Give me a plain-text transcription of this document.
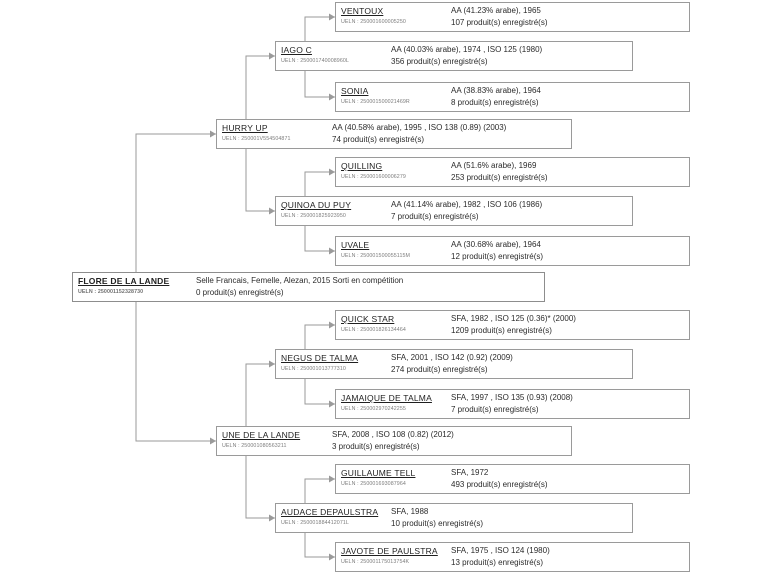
VENTOUX
UELN : 250001600005250
AA (41.23% arabe), 1965
107 produit(s) enregistré(s)
IAGO C
UELN : 250001740008960L
AA (40.03% arabe), 1974 , ISO 125 (1980)
356 produit(s) enregistré(s)
SONIA
UELN : 250001500021469R
AA (38.83% arabe), 1964
8 produit(s) enregistré(s)
HURRY UP
UELN : 250001V554504871
AA (40.58% arabe), 1995 , ISO 138 (0.89) (2003)
74 produit(s) enregistré(s)
QUILLING
UELN : 250001600006279
AA (51.6% arabe), 1969
253 produit(s) enregistré(s)
QUINOA DU PUY
UELN : 250001825923950
AA (41.14% arabe), 1982 , ISO 106 (1986)
7 produit(s) enregistré(s)
UVALE
UELN : 250001500055115M
AA (30.68% arabe), 1964
12 produit(s) enregistré(s)
FLORE DE LA LANDE
UELN : 250001152328730
Selle Francais, Femelle, Alezan, 2015 Sorti en compétition
0 produit(s) enregistré(s)
QUICK STAR
UELN : 250001826134464
SFA, 1982 , ISO 125 (0.36)* (2000)
1209 produit(s) enregistré(s)
NEGUS DE TALMA
UELN : 250001013777310
SFA, 2001 , ISO 142 (0.92) (2009)
274 produit(s) enregistré(s)
JAMAIQUE DE TALMA
UELN : 250002970242255
SFA, 1997 , ISO 135 (0.93) (2008)
7 produit(s) enregistré(s)
UNE DE LA LANDE
UELN : 250001080563211
SFA, 2008 , ISO 108 (0.82) (2012)
3 produit(s) enregistré(s)
GUILLAUME TELL
UELN : 250001693087964
SFA, 1972
493 produit(s) enregistré(s)
AUDACE DEPAULSTRA
UELN : 250001884412071L
SFA, 1988
10 produit(s) enregistré(s)
JAVOTE DE PAULSTRA
UELN : 250001175013754K
SFA, 1975 , ISO 124 (1980)
13 produit(s) enregistré(s)
